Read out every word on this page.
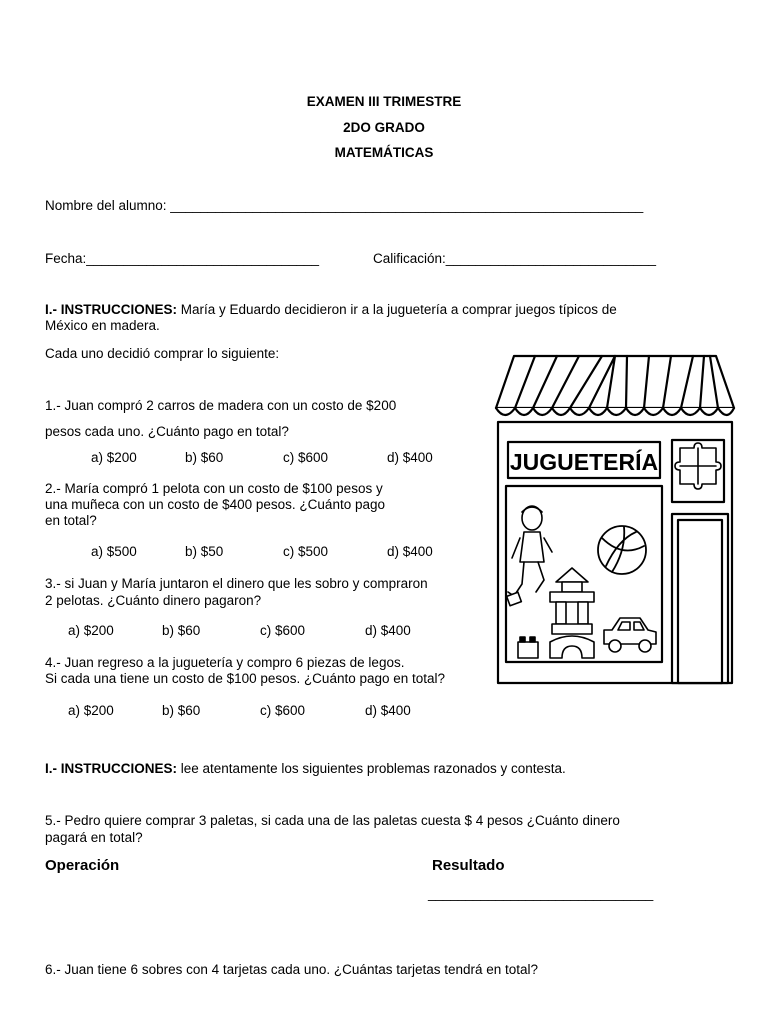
EXAMEN III TRIMESTRE
2DO GRADO
MATEMÁTICAS
Nombre del alumno: _______________________________________________________________
Fecha:_______________________________	Calificación:____________________________
I.- INSTRUCCIONES: María y Eduardo decidieron ir a la juguetería a comprar juegos típicos de
México en madera.
Cada uno decidió comprar lo siguiente:
1.- Juan compró 2 carros de madera con un costo de $200
pesos cada uno. ¿Cuánto pago en total?
a) $200	b) $60	c) $600	d) $400
2.- María compró 1 pelota con un costo de $100 pesos y
una muñeca con un costo de $400 pesos. ¿Cuánto pago
en total?
a) $500	b) $50	c) $500	d) $400
3.- si Juan y María juntaron el dinero que les sobro y compraron
2 pelotas. ¿Cuánto dinero pagaron?
a) $200	b) $60	c) $600	d) $400
4.- Juan regreso a la juguetería y compro 6 piezas de legos.
Si cada una tiene un costo de $100 pesos. ¿Cuánto pago en total?
a) $200	b) $60	c) $600	d) $400
I.- INSTRUCCIONES: lee atentamente los siguientes problemas razonados y contesta.
5.- Pedro quiere comprar 3 paletas, si cada una de las paletas cuesta $ 4 pesos ¿Cuánto dinero
pagará en total?
Operación	Resultado
______________________________
6.- Juan tiene 6 sobres con 4 tarjetas cada uno. ¿Cuántas tarjetas tendrá en total?
JUGUETERÍA
